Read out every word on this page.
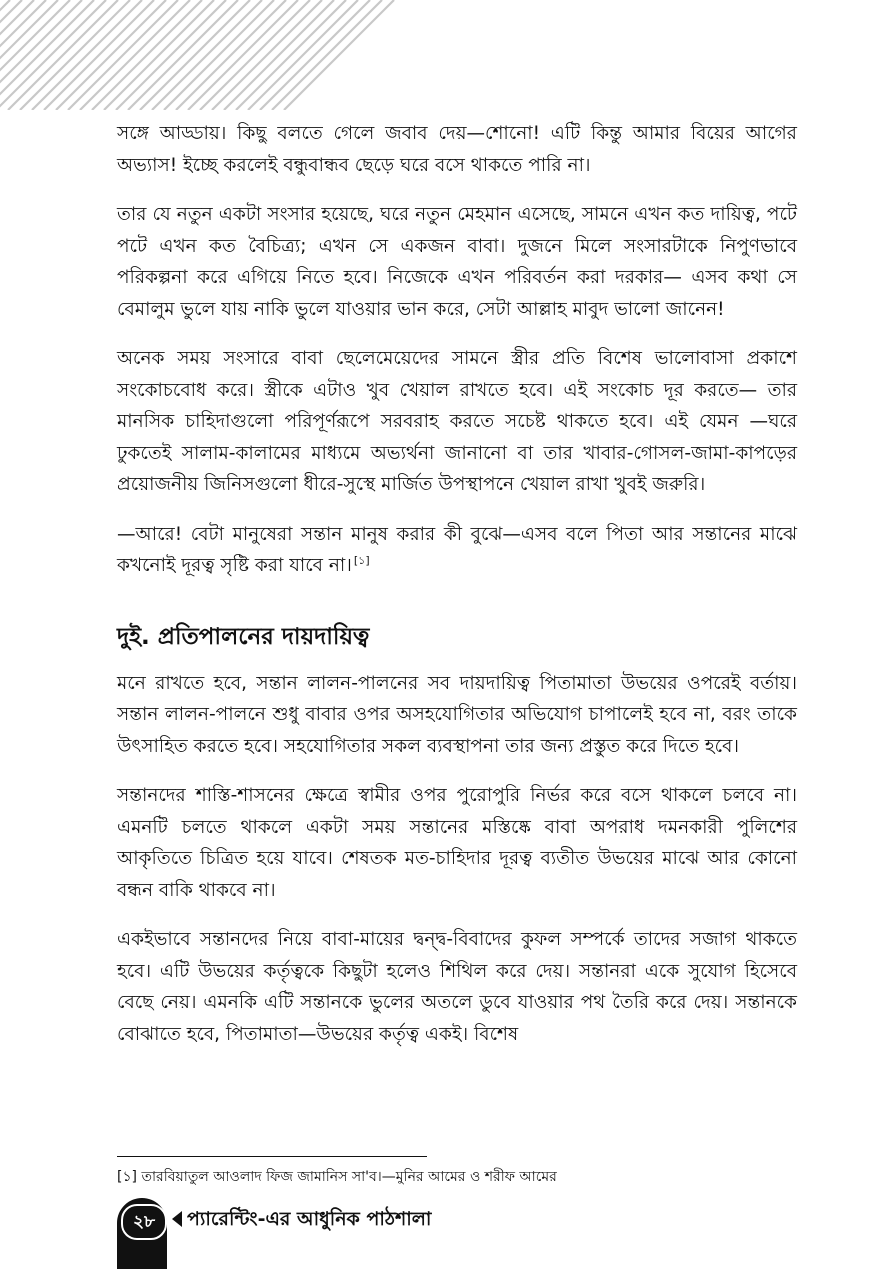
সঙ্গে আড্ডায়। কিছু বলতে গেলে জবাব দেয়—শোনো! এটি কিন্তু আমার বিয়ের আগের অভ্যাস! ইচ্ছে করলেই বন্ধুবান্ধব ছেড়ে ঘরে বসে থাকতে পারি না।

তার যে নতুন একটা সংসার হয়েছে, ঘরে নতুন মেহমান এসেছে, সামনে এখন কত দায়িত্ব, পটে পটে এখন কত বৈচিত্র্য; এখন সে একজন বাবা। দুজনে মিলে সংসারটাকে নিপুণভাবে পরিকল্পনা করে এগিয়ে নিতে হবে। নিজেকে এখন পরিবর্তন করা দরকার— এসব কথা সে বেমালুম ভুলে যায় নাকি ভুলে যাওয়ার ভান করে, সেটা আল্লাহ মাবুদ ভালো জানেন!

অনেক সময় সংসারে বাবা ছেলেমেয়েদের সামনে স্ত্রীর প্রতি বিশেষ ভালোবাসা প্রকাশে সংকোচবোধ করে। স্ত্রীকে এটাও খুব খেয়াল রাখতে হবে। এই সংকোচ দূর করতে— তার মানসিক চাহিদাগুলো পরিপূর্ণরূপে সরবরাহ করতে সচেষ্ট থাকতে হবে। এই যেমন —ঘরে ঢুকতেই সালাম-কালামের মাধ্যমে অভ্যর্থনা জানানো বা তার খাবার-গোসল-জামা-কাপড়ের প্রয়োজনীয় জিনিসগুলো ধীরে-সুস্থে মার্জিত উপস্থাপনে খেয়াল রাখা খুবই জরুরি।

—আরে! বেটা মানুষেরা সন্তান মানুষ করার কী বুঝে—এসব বলে পিতা আর সন্তানের মাঝে কখনোই দূরত্ব সৃষ্টি করা যাবে না। [১]

দুই. প্রতিপালনের দায়দায়িত্ব

মনে রাখতে হবে, সন্তান লালন-পালনের সব দায়দায়িত্ব পিতামাতা উভয়ের ওপরেই বর্তায়। সন্তান লালন-পালনে শুধু বাবার ওপর অসহযোগিতার অভিযোগ চাপালেই হবে না, বরং তাকে উৎসাহিত করতে হবে। সহযোগিতার সকল ব্যবস্থাপনা তার জন্য প্রস্তুত করে দিতে হবে।

সন্তানদের শাস্তি-শাসনের ক্ষেত্রে স্বামীর ওপর পুরোপুরি নির্ভর করে বসে থাকলে চলবে না। এমনটি চলতে থাকলে একটা সময় সন্তানের মস্তিষ্কে বাবা অপরাধ দমনকারী পুলিশের আকৃতিতে চিত্রিত হয়ে যাবে। শেষতক মত-চাহিদার দূরত্ব ব্যতীত উভয়ের মাঝে আর কোনো বন্ধন বাকি থাকবে না।

একইভাবে সন্তানদের নিয়ে বাবা-মায়ের দ্বন্দ্ব-বিবাদের কুফল সম্পর্কে তাদের সজাগ থাকতে হবে। এটি উভয়ের কর্তৃত্বকে কিছুটা হলেও শিথিল করে দেয়। সন্তানরা একে সুযোগ হিসেবে বেছে নেয়। এমনকি এটি সন্তানকে ভুলের অতলে ডুবে যাওয়ার পথ তৈরি করে দেয়। সন্তানকে বোঝাতে হবে, পিতামাতা—উভয়ের কর্তৃত্ব একই। বিশেষ

[১] তারবিয়াতুল আওলাদ ফিজ জামানিস সা'ব।—মুনির আমের ও শরীফ আমের
২৮	প্যারেন্টিং-এর আধুনিক পাঠশালা
